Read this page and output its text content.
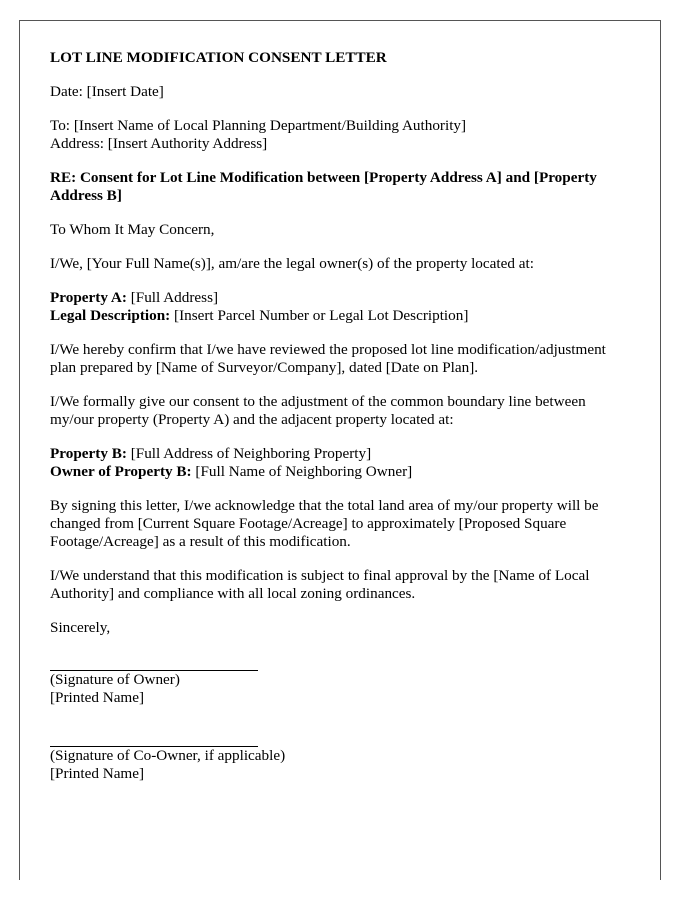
LOT LINE MODIFICATION CONSENT LETTER

Date: [Insert Date]

To: [Insert Name of Local Planning Department/Building Authority]
Address: [Insert Authority Address]

RE: Consent for Lot Line Modification between [Property Address A] and [Property Address B]

To Whom It May Concern,

I/We, [Your Full Name(s)], am/are the legal owner(s) of the property located at:

Property A: [Full Address]
Legal Description: [Insert Parcel Number or Legal Lot Description]

I/We hereby confirm that I/we have reviewed the proposed lot line modification/adjustment plan prepared by [Name of Surveyor/Company], dated [Date on Plan].

I/We formally give our consent to the adjustment of the common boundary line between my/our property (Property A) and the adjacent property located at:

Property B: [Full Address of Neighboring Property]
Owner of Property B: [Full Name of Neighboring Owner]

By signing this letter, I/we acknowledge that the total land area of my/our property will be changed from [Current Square Footage/Acreage] to approximately [Proposed Square Footage/Acreage] as a result of this modification.

I/We understand that this modification is subject to final approval by the [Name of Local Authority] and compliance with all local zoning ordinances.

Sincerely,

(Signature of Owner)
[Printed Name]
(Signature of Co-Owner, if applicable)
[Printed Name]
